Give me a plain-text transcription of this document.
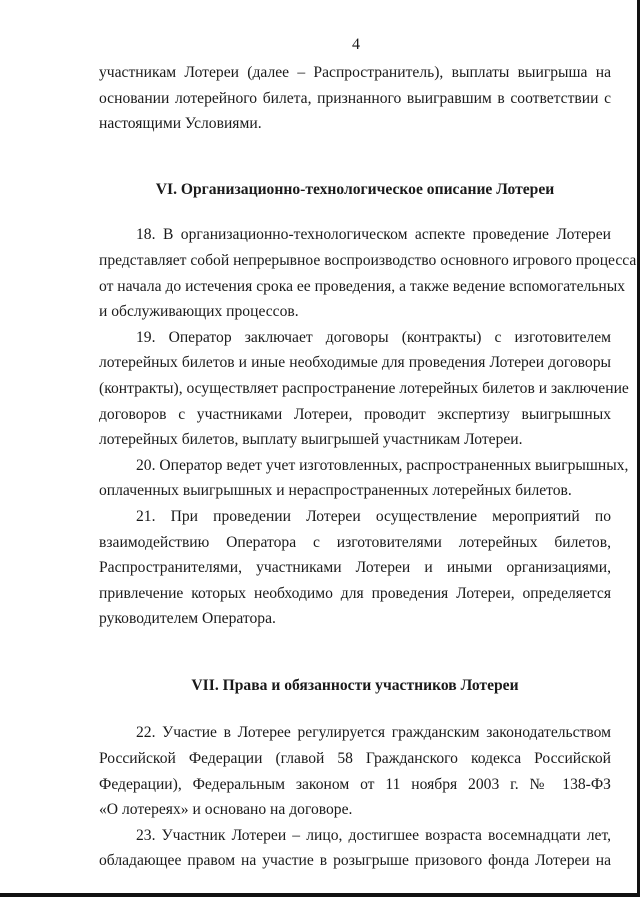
4
участникам Лотереи (далее – Распространитель), выплаты выигрыша на
основании лотерейного билета, признанного выигравшим в соответствии с
настоящими Условиями.
VI. Организационно-технологическое описание Лотереи
18. В организационно-технологическом аспекте проведение Лотереи
представляет собой непрерывное воспроизводство основного игрового процесса
от начала до истечения срока ее проведения, а также ведение вспомогательных
и обслуживающих процессов.
19. Оператор заключает договоры (контракты) с изготовителем
лотерейных билетов и иные необходимые для проведения Лотереи договоры
(контракты), осуществляет распространение лотерейных билетов и заключение
договоров с участниками Лотереи, проводит экспертизу выигрышных
лотерейных билетов, выплату выигрышей участникам Лотереи.
20. Оператор ведет учет изготовленных, распространенных выигрышных,
оплаченных выигрышных и нераспространенных лотерейных билетов.
21. При проведении Лотереи осуществление мероприятий по
взаимодействию Оператора с изготовителями лотерейных билетов,
Распространителями, участниками Лотереи и иными организациями,
привлечение которых необходимо для проведения Лотереи, определяется
руководителем Оператора.
VII. Права и обязанности участников Лотереи
22. Участие в Лотерее регулируется гражданским законодательством
Российской Федерации (главой 58 Гражданского кодекса Российской
Федерации), Федеральным законом от 11 ноября 2003 г. № 138-ФЗ
«О лотереях» и основано на договоре.
23. Участник Лотереи – лицо, достигшее возраста восемнадцати лет,
обладающее правом на участие в розыгрыше призового фонда Лотереи на
